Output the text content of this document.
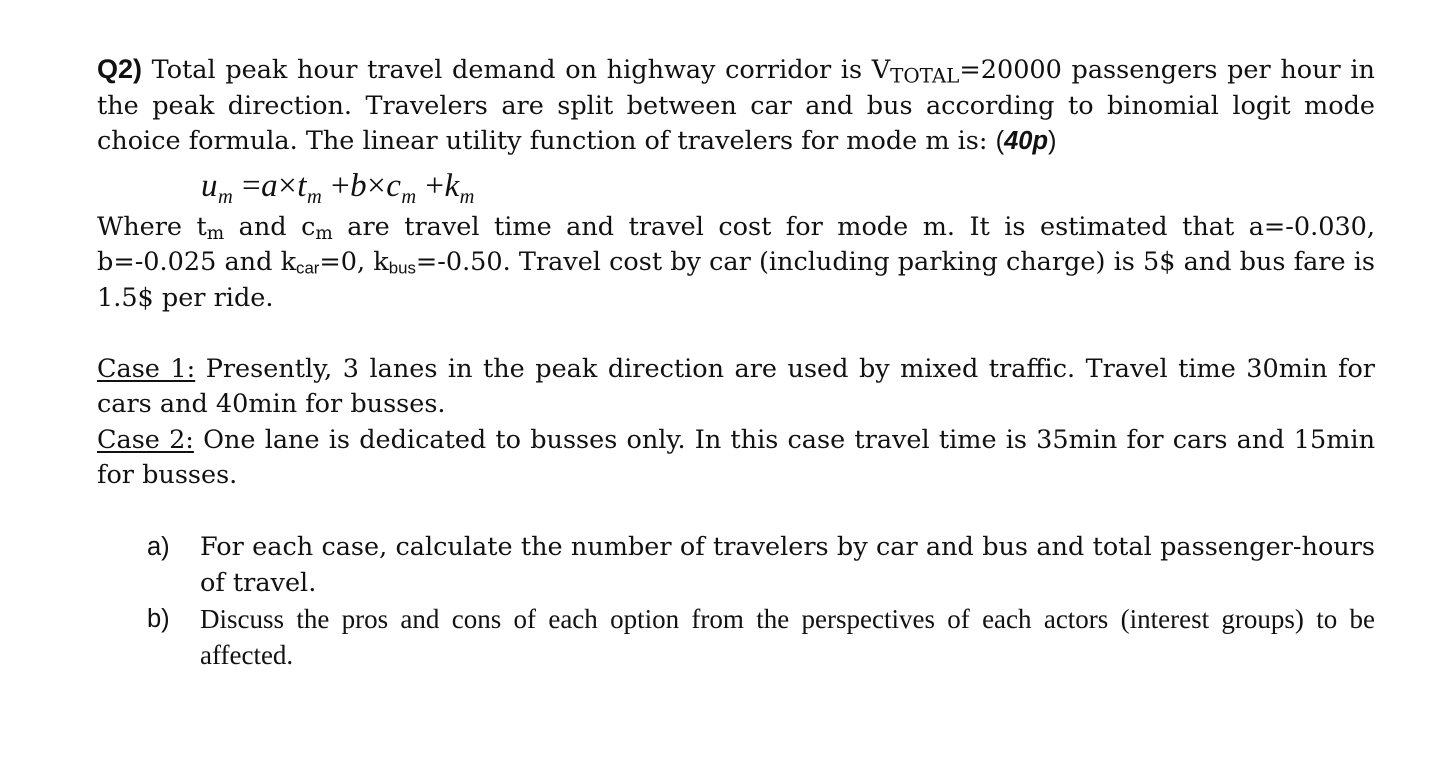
Q2) Total peak hour travel demand on highway corridor is $V_{TOTAL}=20000$ passengers per hour in the peak direction. Travelers are split between car and bus according to binomial logit mode choice formula. The linear utility function of travelers for mode m is: (40p)

$u_m =a\times t_m +b\times c_m +k_m$

Where $t_m$ and $c_m$ are travel time and travel cost for mode m. It is estimated that a=-0.030, b=-0.025 and kcar=0, kbus=-0.50. Travel cost by car (including parking charge) is 5$ and bus fare is 1.5$ per ride.

Case 1: Presently, 3 lanes in the peak direction are used by mixed traffic. Travel time 30min for cars and 40min for busses.

Case 2: One lane is dedicated to busses only. In this case travel time is 35min for cars and 15min for busses.

a)	For each case, calculate the number of travelers by car and bus and total passenger-hours of travel.
b)	Discuss the pros and cons of each option from the perspectives of each actors (interest groups) to be affected.
